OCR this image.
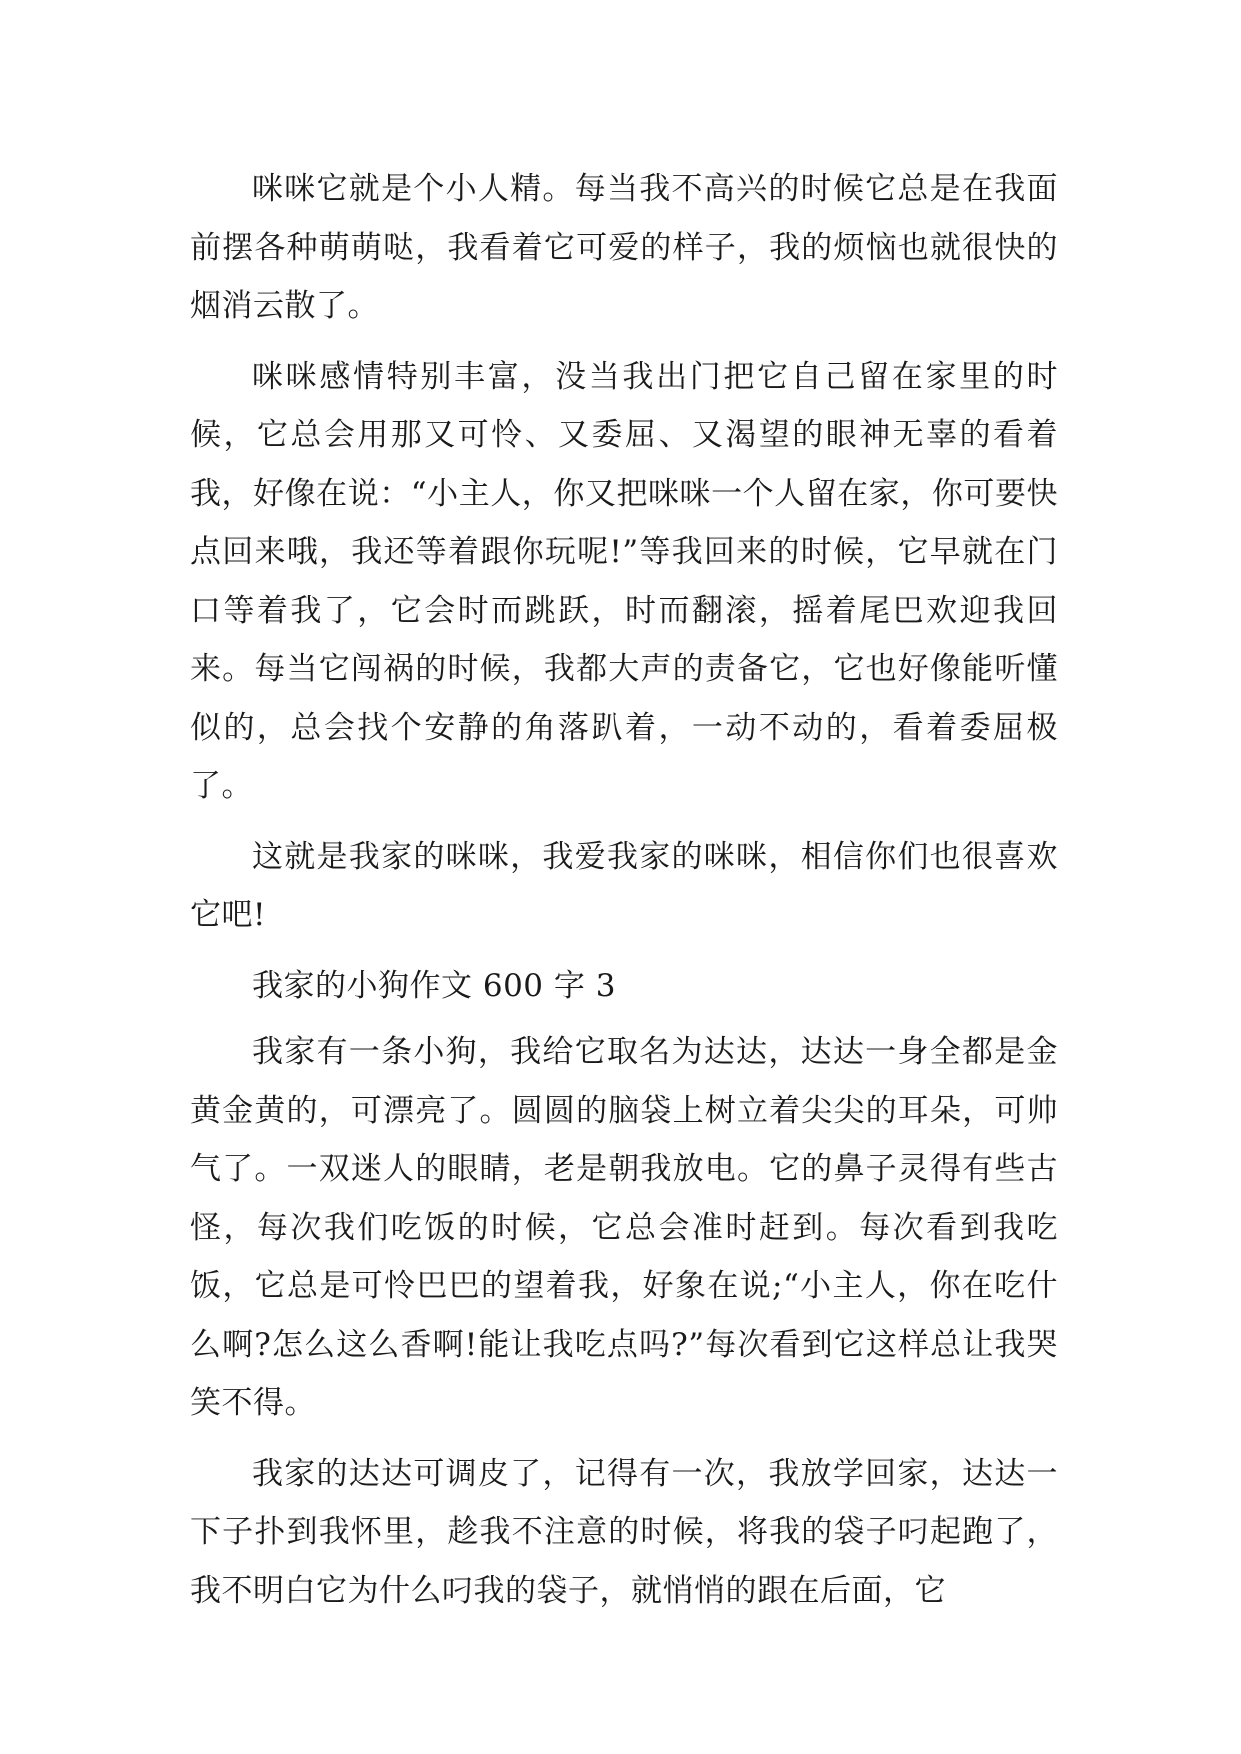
咪咪它就是个小人精。每当我不高兴的时候它总是在我面前摆各种萌萌哒，我看着它可爱的样子，我的烦恼也就很快的烟消云散了。

咪咪感情特别丰富，没当我出门把它自己留在家里的时候，它总会用那又可怜、又委屈、又渴望的眼神无辜的看着我，好像在说：“小主人，你又把咪咪一个人留在家，你可要快点回来哦，我还等着跟你玩呢!”等我回来的时候，它早就在门口等着我了，它会时而跳跃，时而翻滚，摇着尾巴欢迎我回来。每当它闯祸的时候，我都大声的责备它，它也好像能听懂似的，总会找个安静的角落趴着，一动不动的，看着委屈极了。

这就是我家的咪咪，我爱我家的咪咪，相信你们也很喜欢它吧!

我家的小狗作文 600 字 3

我家有一条小狗，我给它取名为达达，达达一身全都是金黄金黄的，可漂亮了。圆圆的脑袋上树立着尖尖的耳朵，可帅气了。一双迷人的眼睛，老是朝我放电。它的鼻子灵得有些古怪，每次我们吃饭的时候，它总会准时赶到。每次看到我吃饭，它总是可怜巴巴的望着我，好象在说;“小主人，你在吃什么啊?怎么这么香啊!能让我吃点吗?”每次看到它这样总让我哭笑不得。

我家的达达可调皮了，记得有一次，我放学回家，达达一下子扑到我怀里，趁我不注意的时候，将我的袋子叼起跑了，我不明白它为什么叼我的袋子，就悄悄的跟在后面，它
